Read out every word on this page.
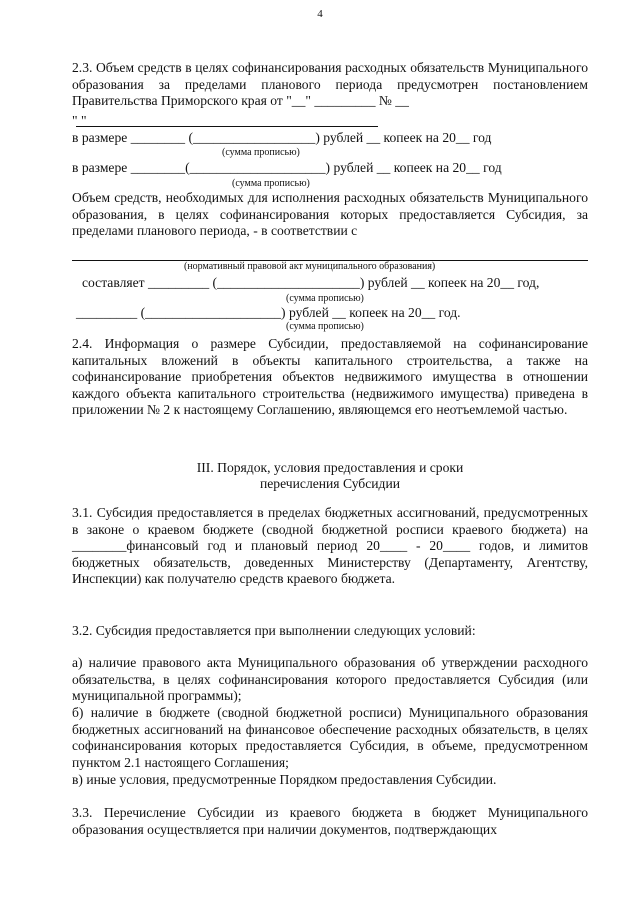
4
2.3. Объем средств в целях софинансирования расходных обязательств Муниципального образования за пределами планового периода предусмотрен постановлением Правительства Приморского края от "__" _________ № __
" "
в размере ________ (__________________) рублей __ копеек на 20__ год
(сумма прописью)
в размере ________(____________________) рублей __ копеек на 20__ год
(сумма прописью)
Объем средств, необходимых для исполнения расходных обязательств Муниципального образования, в целях софинансирования которых предоставляется Субсидия, за пределами планового периода, - в соответствии с
(нормативный правовой акт муниципального образования)
составляет _________ (_____________________) рублей __ копеек на 20__ год,
(сумма прописью)
_________ (____________________) рублей __ копеек на 20__ год.
(сумма прописью)
2.4. Информация о размере Субсидии, предоставляемой на софинансирование капитальных вложений в объекты капитального строительства, а также на софинансирование приобретения объектов недвижимого имущества в отношении каждого объекта капитального строительства (недвижимого имущества) приведена в приложении № 2 к настоящему Соглашению, являющемся его неотъемлемой частью.
III. Порядок, условия предоставления и сроки
перечисления Субсидии
3.1. Субсидия предоставляется в пределах бюджетных ассигнований, предусмотренных в законе о краевом бюджете (сводной бюджетной росписи краевого бюджета) на ________финансовый год и плановый период 20____ - 20____ годов, и лимитов бюджетных обязательств, доведенных Министерству (Департаменту, Агентству, Инспекции) как получателю средств краевого бюджета.
3.2. Субсидия предоставляется при выполнении следующих условий:
а) наличие правового акта Муниципального образования об утверждении расходного обязательства, в целях софинансирования которого предоставляется Субсидия (или муниципальной программы);
б) наличие в бюджете (сводной бюджетной росписи) Муниципального образования бюджетных ассигнований на финансовое обеспечение расходных обязательств, в целях софинансирования которых предоставляется Субсидия, в объеме, предусмотренном пунктом 2.1 настоящего Соглашения;
в) иные условия, предусмотренные Порядком предоставления Субсидии.
3.3. Перечисление Субсидии из краевого бюджета в бюджет Муниципального образования осуществляется при наличии документов, подтверждающих
